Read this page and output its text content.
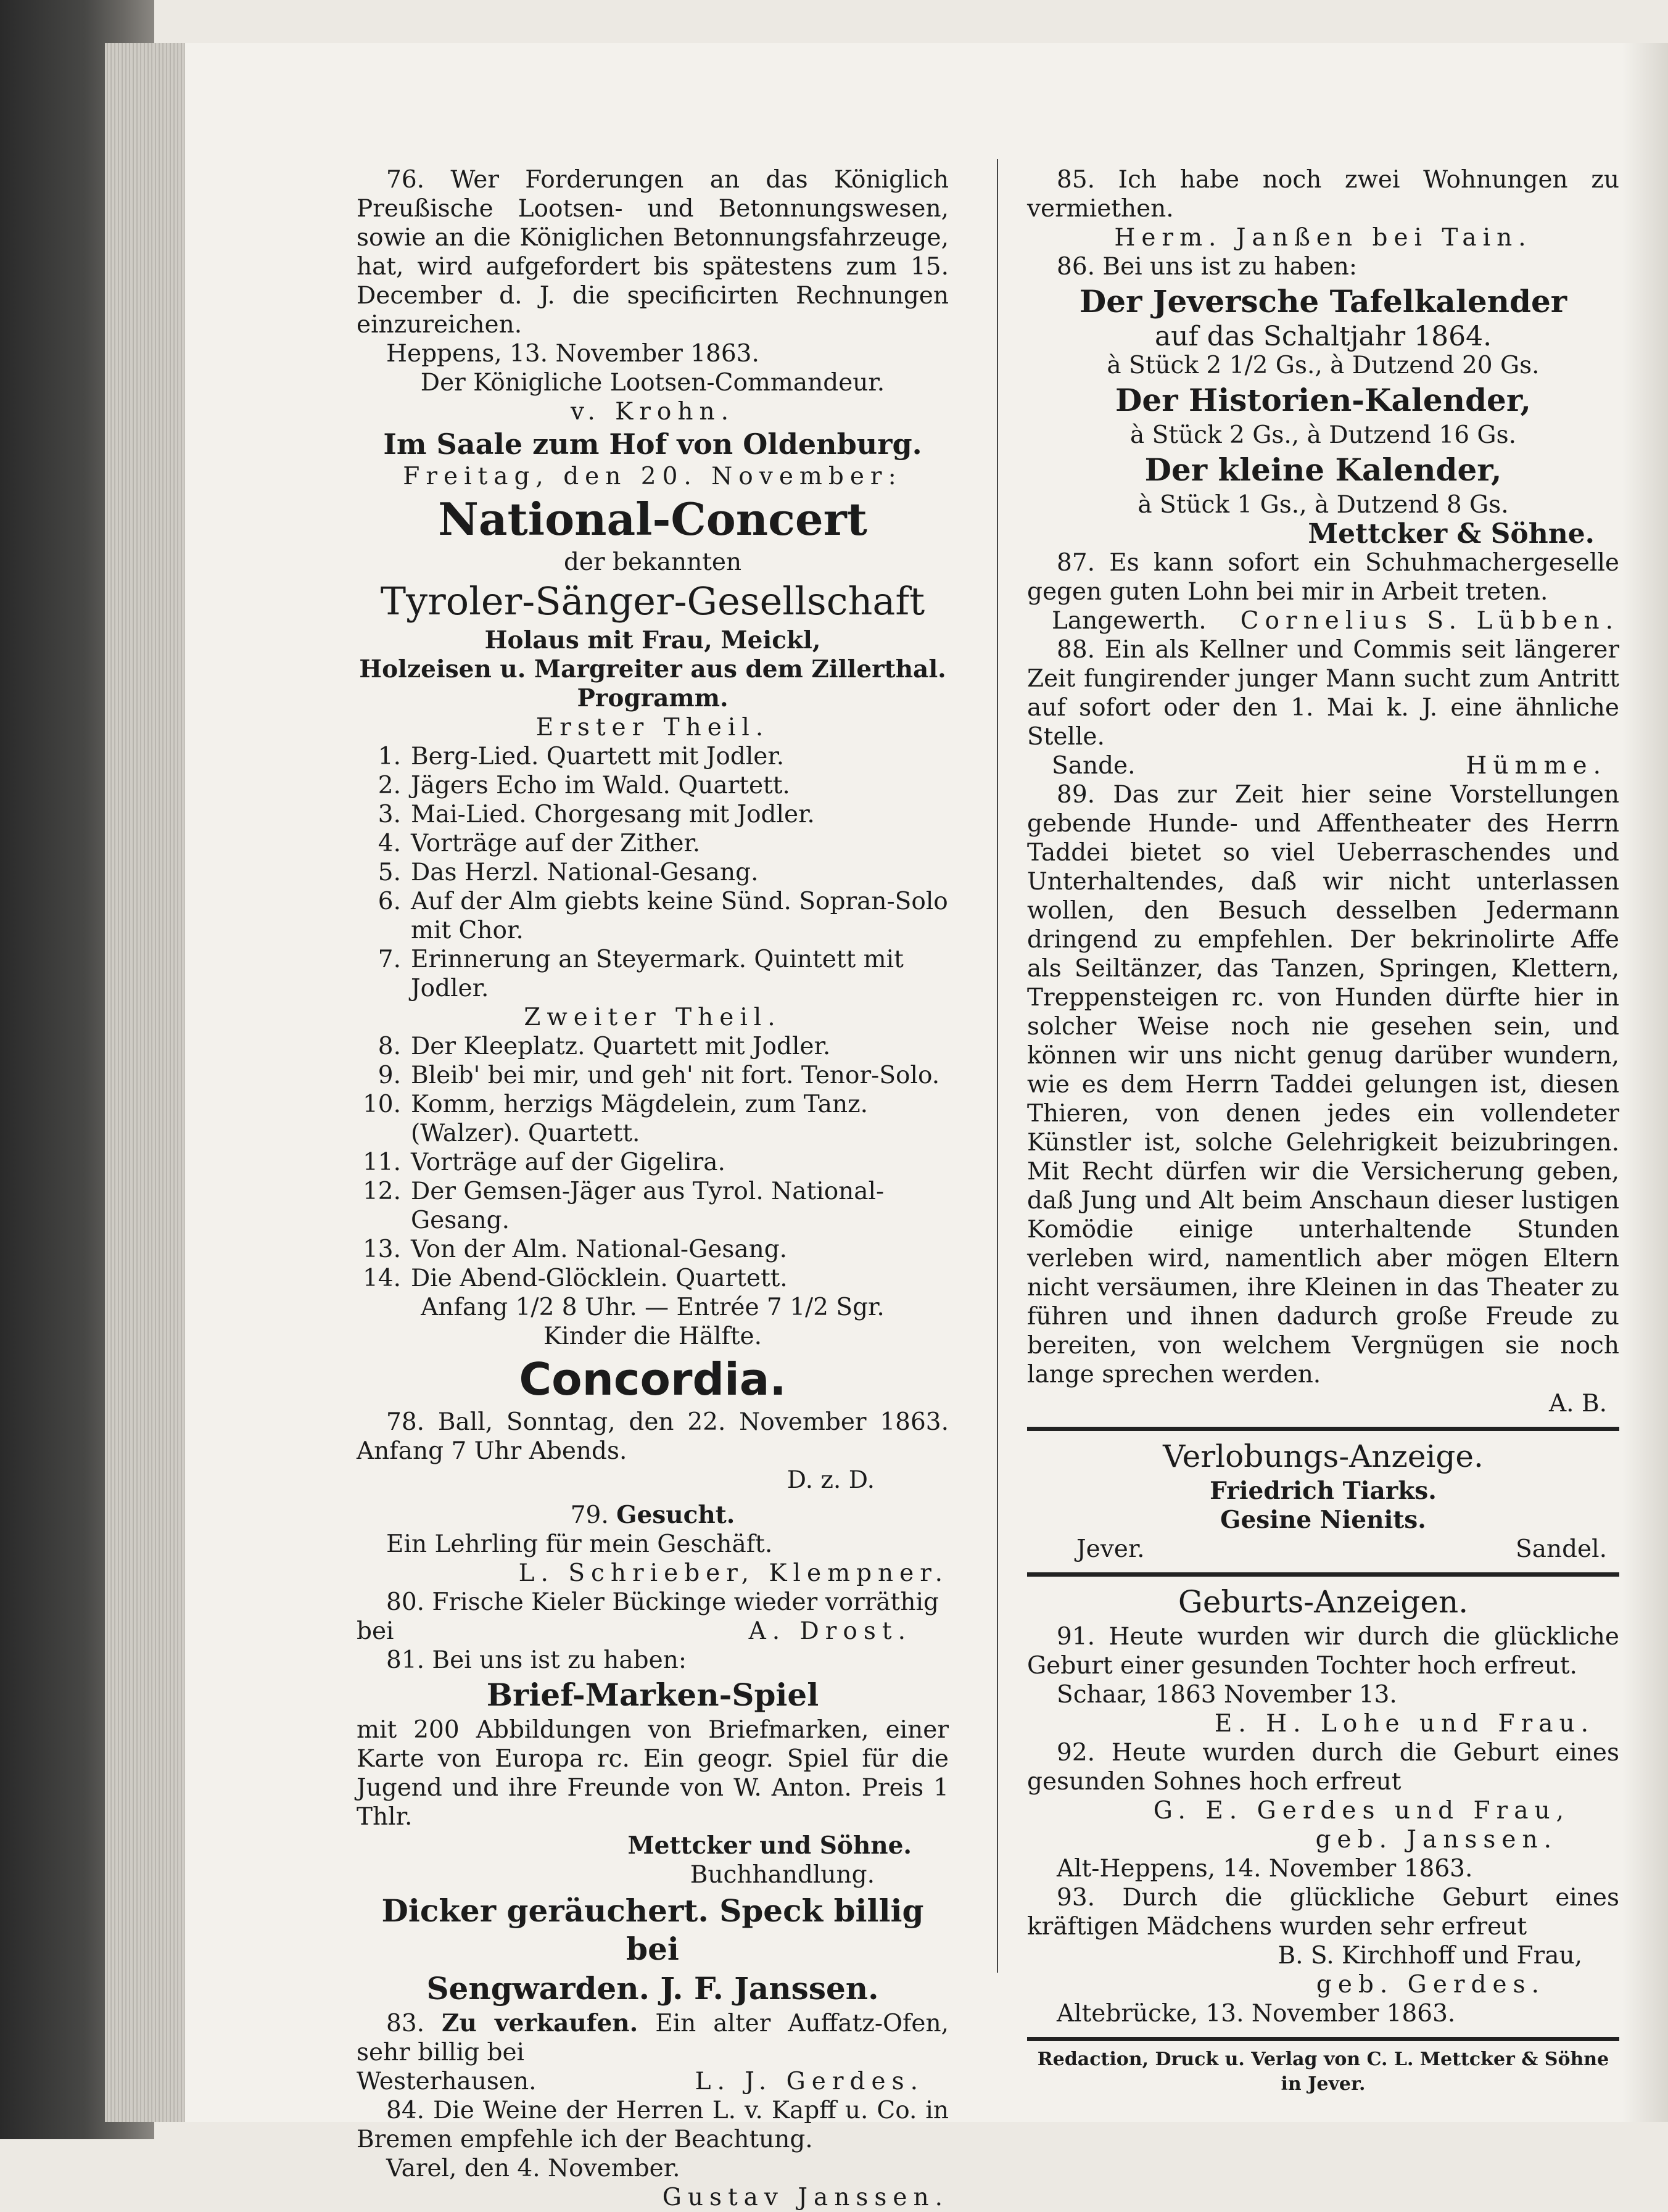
76. Wer Forderungen an das Königlich Preußische Lootsen- und Betonnungswesen, sowie an die Königlichen Betonnungsfahrzeuge, hat, wird aufgefordert bis spätestens zum 15. December d. J. die specificirten Rechnungen einzureichen.

Heppens, 13. November 1863.

Der Königliche Lootsen-Commandeur.

v. Krohn.

Im Saale zum Hof von Oldenburg.

Freitag, den 20. November:

National-Concert

der bekannten

Tyroler-Sänger-Gesellschaft

Holaus mit Frau, Meickl,

Holzeisen u. Margreiter aus dem Zillerthal.

Programm.

Erster Theil.

1. Berg-Lied. Quartett mit Jodler.
2. Jägers Echo im Wald. Quartett.
3. Mai-Lied. Chorgesang mit Jodler.
4. Vorträge auf der Zither.
5. Das Herzl. National-Gesang.
6. Auf der Alm giebts keine Sünd. Sopran-Solo mit Chor.
7. Erinnerung an Steyermark. Quintett mit Jodler.

Zweiter Theil.

8. Der Kleeplatz. Quartett mit Jodler.
9. Bleib' bei mir, und geh' nit fort. Tenor-Solo.
10. Komm, herzigs Mägdelein, zum Tanz. (Walzer). Quartett.
11. Vorträge auf der Gigelira.
12. Der Gemsen-Jäger aus Tyrol. National-Gesang.
13. Von der Alm. National-Gesang.
14. Die Abend-Glöcklein. Quartett.

Anfang 1/2 8 Uhr. — Entrée 7 1/2 Sgr.

Kinder die Hälfte.

Concordia.

78. Ball, Sonntag, den 22. November 1863. Anfang 7 Uhr Abends.

D. z. D.

79. Gesucht.

Ein Lehrling für mein Geschäft.

L. Schrieber, Klempner.

80. Frische Kieler Bückinge wieder vorräthig

bei	A. Drost.

81. Bei uns ist zu haben:

Brief-Marken-Spiel

mit 200 Abbildungen von Briefmarken, einer Karte von Europa rc. Ein geogr. Spiel für die Jugend und ihre Freunde von W. Anton. Preis 1 Thlr.

Mettcker und Söhne.

Buchhandlung.

Dicker geräuchert. Speck billig bei

Sengwarden. J. F. Janssen.

83. Zu verkaufen. Ein alter Auffatz-Ofen, sehr billig bei

Westerhausen.	L. J. Gerdes.

84. Die Weine der Herren L. v. Kapff u. Co. in Bremen empfehle ich der Beachtung.

Varel, den 4. November.

Gustav Janssen.

85. Ich habe noch zwei Wohnungen zu vermiethen.

Herm. Janßen bei Tain.

86. Bei uns ist zu haben:

Der Jeversche Tafelkalender

auf das Schaltjahr 1864.

à Stück 2 1/2 Gs., à Dutzend 20 Gs.

Der Historien-Kalender,

à Stück 2 Gs., à Dutzend 16 Gs.

Der kleine Kalender,

à Stück 1 Gs., à Dutzend 8 Gs.

Mettcker & Söhne.

87. Es kann sofort ein Schuhmachergeselle gegen guten Lohn bei mir in Arbeit treten.

Langewerth. Cornelius S. Lübben.

88. Ein als Kellner und Commis seit längerer Zeit fungirender junger Mann sucht zum Antritt auf sofort oder den 1. Mai k. J. eine ähnliche Stelle.

Sande.	Hümme.

89. Das zur Zeit hier seine Vorstellungen gebende Hunde- und Affentheater des Herrn Taddei bietet so viel Ueberraschendes und Unterhaltendes, daß wir nicht unterlassen wollen, den Besuch desselben Jedermann dringend zu empfehlen. Der bekrinolirte Affe als Seiltänzer, das Tanzen, Springen, Klettern, Treppensteigen rc. von Hunden dürfte hier in solcher Weise noch nie gesehen sein, und können wir uns nicht genug darüber wundern, wie es dem Herrn Taddei gelungen ist, diesen Thieren, von denen jedes ein vollendeter Künstler ist, solche Gelehrigkeit beizubringen. Mit Recht dürfen wir die Versicherung geben, daß Jung und Alt beim Anschaun dieser lustigen Komödie einige unterhaltende Stunden verleben wird, namentlich aber mögen Eltern nicht versäumen, ihre Kleinen in das Theater zu führen und ihnen dadurch große Freude zu bereiten, von welchem Vergnügen sie noch lange sprechen werden.

A. B.

Verlobungs-Anzeige.

Friedrich Tiarks.

Gesine Nienits.

Jever.	Sandel.

Geburts-Anzeigen.

91. Heute wurden wir durch die glückliche Geburt einer gesunden Tochter hoch erfreut.

Schaar, 1863 November 13.

E. H. Lohe und Frau.

92. Heute wurden durch die Geburt eines gesunden Sohnes hoch erfreut

G. E. Gerdes und Frau,

geb. Janssen.

Alt-Heppens, 14. November 1863.

93. Durch die glückliche Geburt eines kräftigen Mädchens wurden sehr erfreut

B. S. Kirchhoff und Frau,

geb. Gerdes.

Altebrücke, 13. November 1863.

Redaction, Druck u. Verlag von C. L. Mettcker & Söhne in Jever.
